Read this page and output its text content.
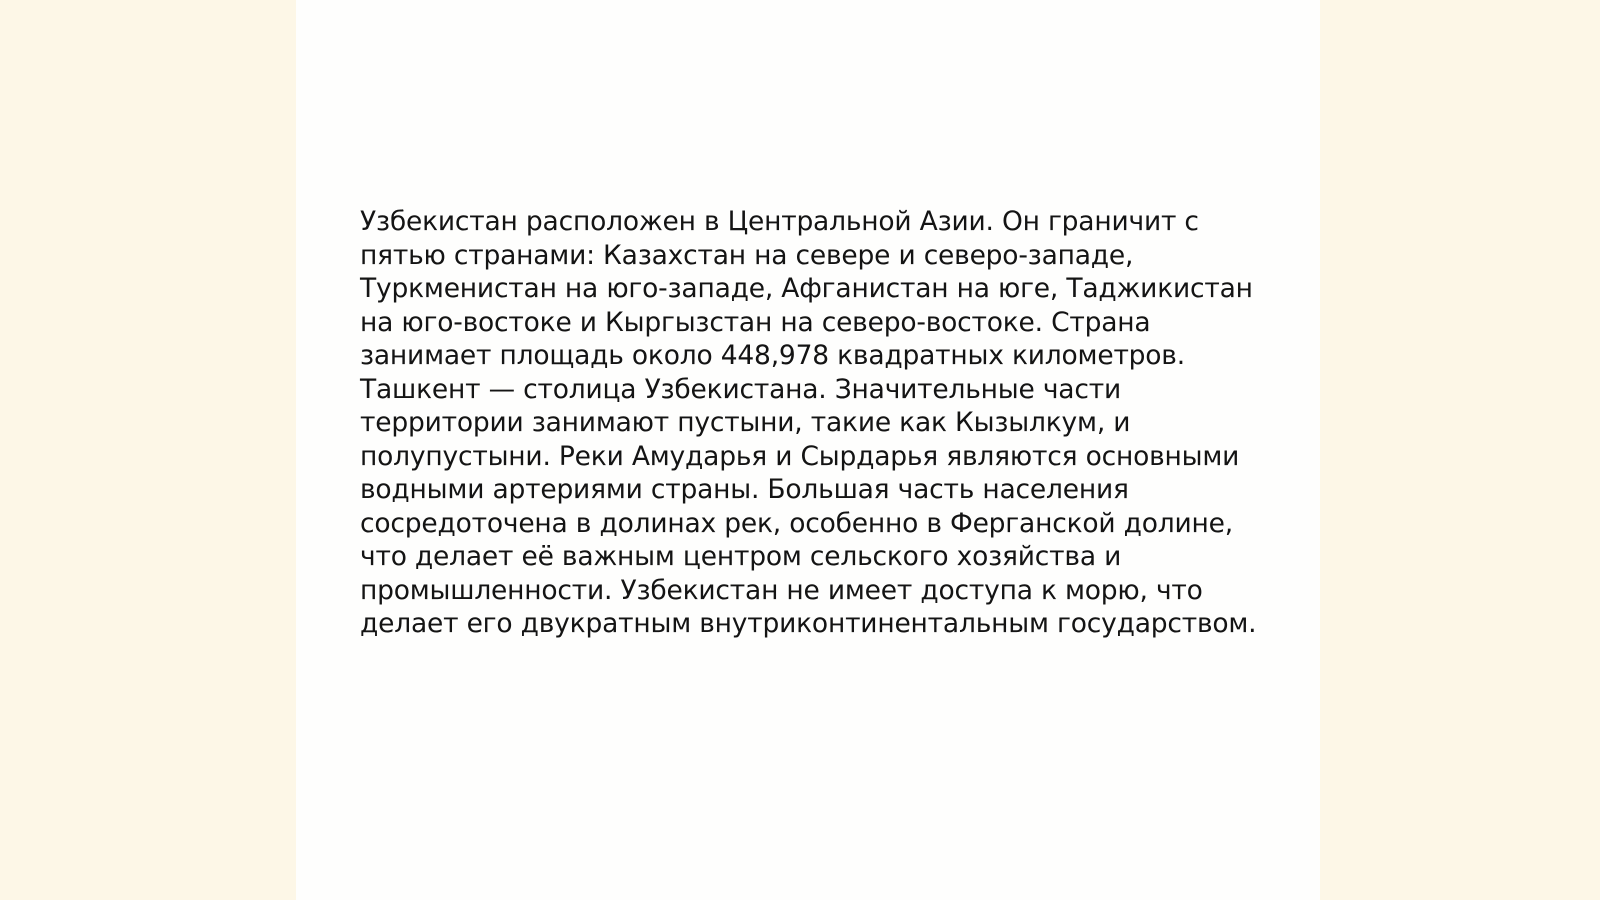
Узбекистан расположен в Центральной Азии. Он граничит с
пятью странами: Казахстан на севере и северо-западе,
Туркменистан на юго-западе, Афганистан на юге, Таджикистан
на юго-востоке и Кыргызстан на северо-востоке. Страна
занимает площадь около 448,978 квадратных километров.
Ташкент — столица Узбекистана. Значительные части
территории занимают пустыни, такие как Кызылкум, и
полупустыни. Реки Амударья и Сырдарья являются основными
водными артериями страны. Большая часть населения
сосредоточена в долинах рек, особенно в Ферганской долине,
что делает её важным центром сельского хозяйства и
промышленности. Узбекистан не имеет доступа к морю, что
делает его двукратным внутриконтинентальным государством.
